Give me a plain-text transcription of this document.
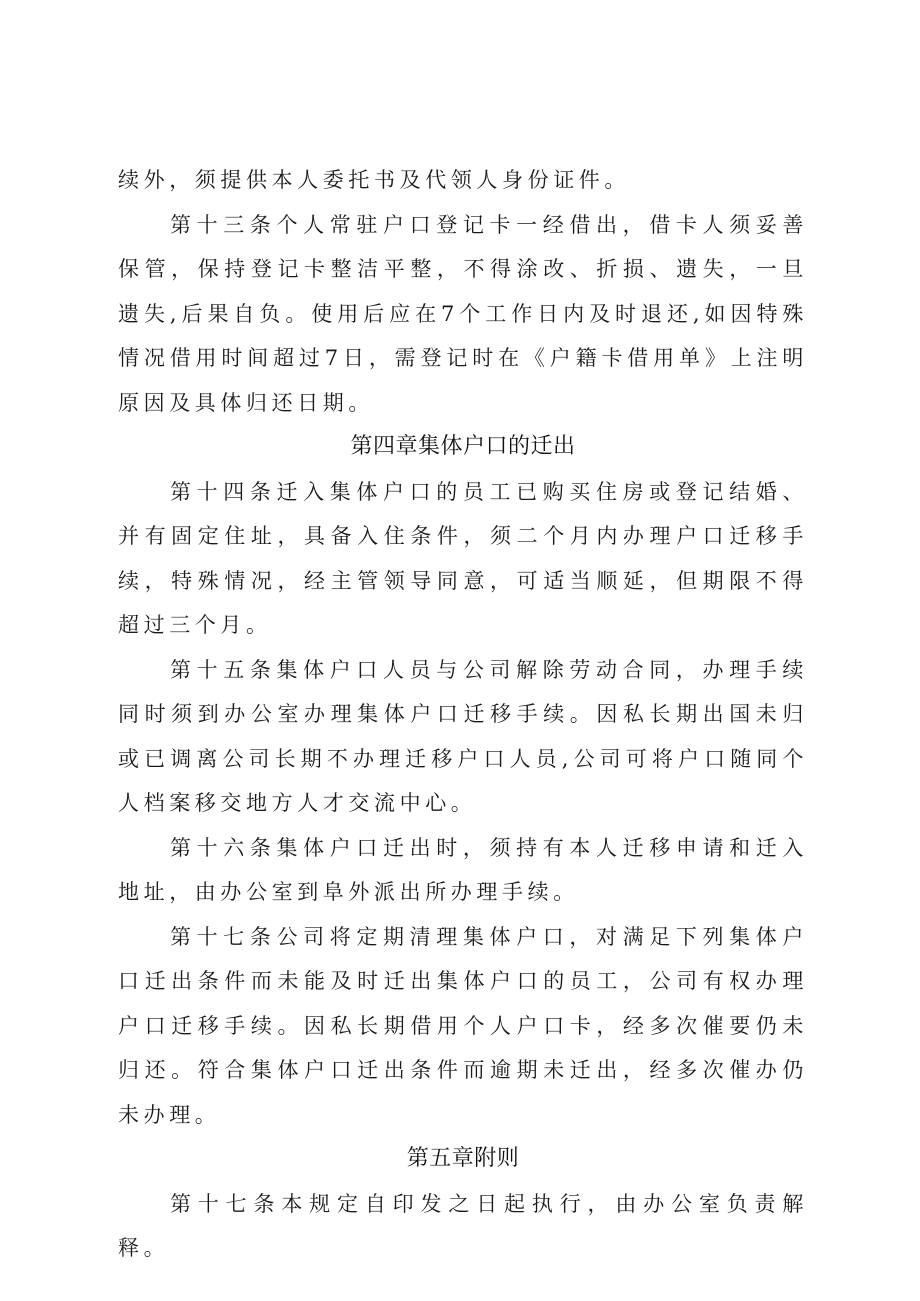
续外，须提供本人委托书及代领人身份证件。

第十三条个人常驻户口登记卡一经借出，借卡人须妥善保管，保持登记卡整洁平整，不得涂改、折损、遗失，一旦遗失,后果自负。使用后应在7个工作日内及时退还,如因特殊情况借用时间超过7日，需登记时在《户籍卡借用单》上注明原因及具体归还日期。

第四章集体户口的迁出

第十四条迁入集体户口的员工已购买住房或登记结婚、并有固定住址，具备入住条件，须二个月内办理户口迁移手续，特殊情况，经主管领导同意，可适当顺延，但期限不得超过三个月。

第十五条集体户口人员与公司解除劳动合同，办理手续同时须到办公室办理集体户口迁移手续。因私长期出国未归或已调离公司长期不办理迁移户口人员,公司可将户口随同个人档案移交地方人才交流中心。

第十六条集体户口迁出时，须持有本人迁移申请和迁入地址，由办公室到阜外派出所办理手续。

第十七条公司将定期清理集体户口，对满足下列集体户口迁出条件而未能及时迁出集体户口的员工，公司有权办理户口迁移手续。因私长期借用个人户口卡，经多次催要仍未归还。符合集体户口迁出条件而逾期未迁出，经多次催办仍未办理。

第五章附则

第十七条本规定自印发之日起执行，由办公室负责解释。
